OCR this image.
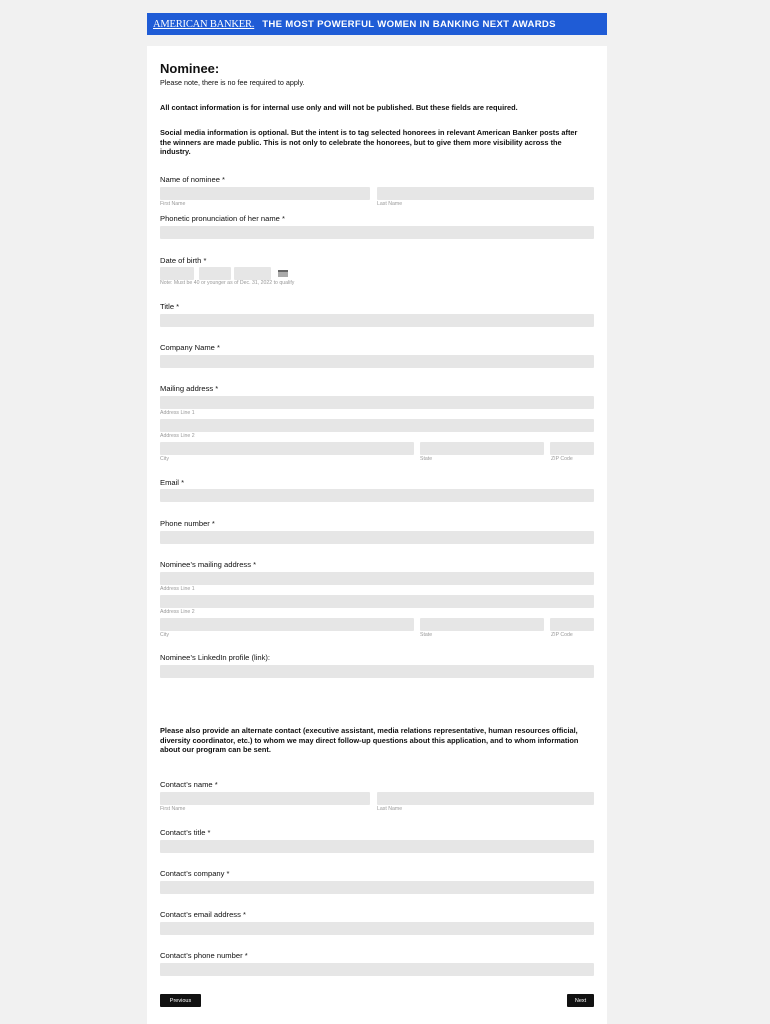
AMERICAN BANKER. THE MOST POWERFUL WOMEN IN BANKING NEXT AWARDS
Nominee:
Please note, there is no fee required to apply.
All contact information is for internal use only and will not be published. But these fields are required.
Social media information is optional. But the intent is to tag selected honorees in relevant American Banker posts after the winners are made public. This is not only to celebrate the honorees, but to give them more visibility across the industry.
Name of nominee *
First Name	Last Name
Phonetic pronunciation of her name *
Date of birth *
Note: Must be 40 or younger as of Dec. 31, 2022 to qualify
Title *
Company Name *
Mailing address *
Address Line 1
Address Line 2
City	State	ZIP Code
Email *
Phone number *
Nominee’s mailing address *
Address Line 1
Address Line 2
City	State	ZIP Code
Nominee’s LinkedIn profile (link):
Please also provide an alternate contact (executive assistant, media relations representative, human resources official, diversity coordinator, etc.) to whom we may direct follow-up questions about this application, and to whom information about our program can be sent.
Contact’s name *
First Name	Last Name
Contact’s title *
Contact’s company *
Contact’s email address *
Contact’s phone number *
Previous	Next
